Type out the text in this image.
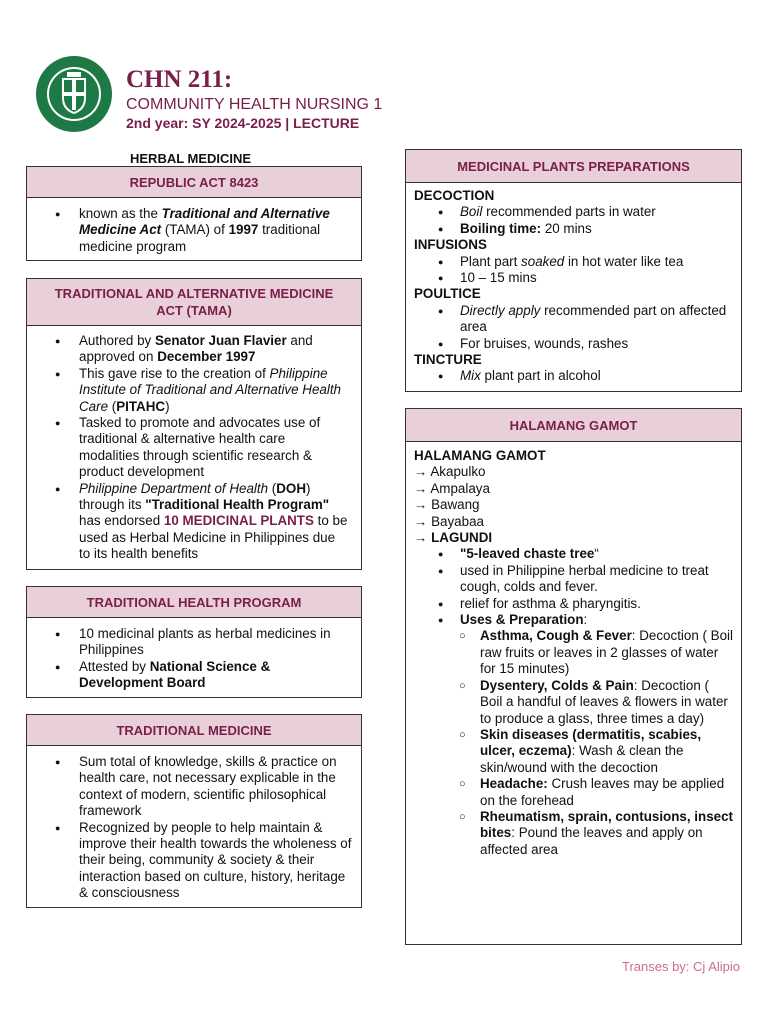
CHN 211:
COMMUNITY HEALTH NURSING 1
2nd year: SY 2024-2025 | LECTURE
HERBAL MEDICINE
REPUBLIC ACT 8423
● known as the Traditional and Alternative Medicine Act (TAMA) of 1997 traditional medicine program
TRADITIONAL AND ALTERNATIVE MEDICINE ACT (TAMA)
● Authored by Senator Juan Flavier and approved on December 1997
● This gave rise to the creation of Philippine Institute of Traditional and Alternative Health Care (PITAHC)
● Tasked to promote and advocates use of traditional & alternative health care modalities through scientific research & product development
● Philippine Department of Health (DOH) through its "Traditional Health Program" has endorsed 10 MEDICINAL PLANTS to be used as Herbal Medicine in Philippines due to its health benefits
TRADITIONAL HEALTH PROGRAM
● 10 medicinal plants as herbal medicines in Philippines
● Attested by National Science & Development Board
TRADITIONAL MEDICINE
● Sum total of knowledge, skills & practice on health care, not necessary explicable in the context of modern, scientific philosophical framework
● Recognized by people to help maintain & improve their health towards the wholeness of their being, community & society & their interaction based on culture, history, heritage & consciousness
MEDICINAL PLANTS PREPARATIONS
DECOCTION
● Boil recommended parts in water
● Boiling time: 20 mins
INFUSIONS
● Plant part soaked in hot water like tea
● 10 – 15 mins
POULTICE
● Directly apply recommended part on affected area
● For bruises, wounds, rashes
TINCTURE
● Mix plant part in alcohol
HALAMANG GAMOT
HALAMANG GAMOT
→ Akapulko
→ Ampalaya
→ Bawang
→ Bayabaa
→ LAGUNDI
● "5-leaved chaste tree“
● used in Philippine herbal medicine to treat cough, colds and fever.
● relief for asthma & pharyngitis.
● Uses & Preparation:
○ Asthma, Cough & Fever: Decoction ( Boil raw fruits or leaves in 2 glasses of water for 15 minutes)
○ Dysentery, Colds & Pain: Decoction ( Boil a handful of leaves & flowers in water to produce a glass, three times a day)
○ Skin diseases (dermatitis, scabies, ulcer, eczema): Wash & clean the skin/wound with the decoction
○ Headache: Crush leaves may be applied on the forehead
○ Rheumatism, sprain, contusions, insect bites: Pound the leaves and apply on affected area
Transes by: Cj Alipio
